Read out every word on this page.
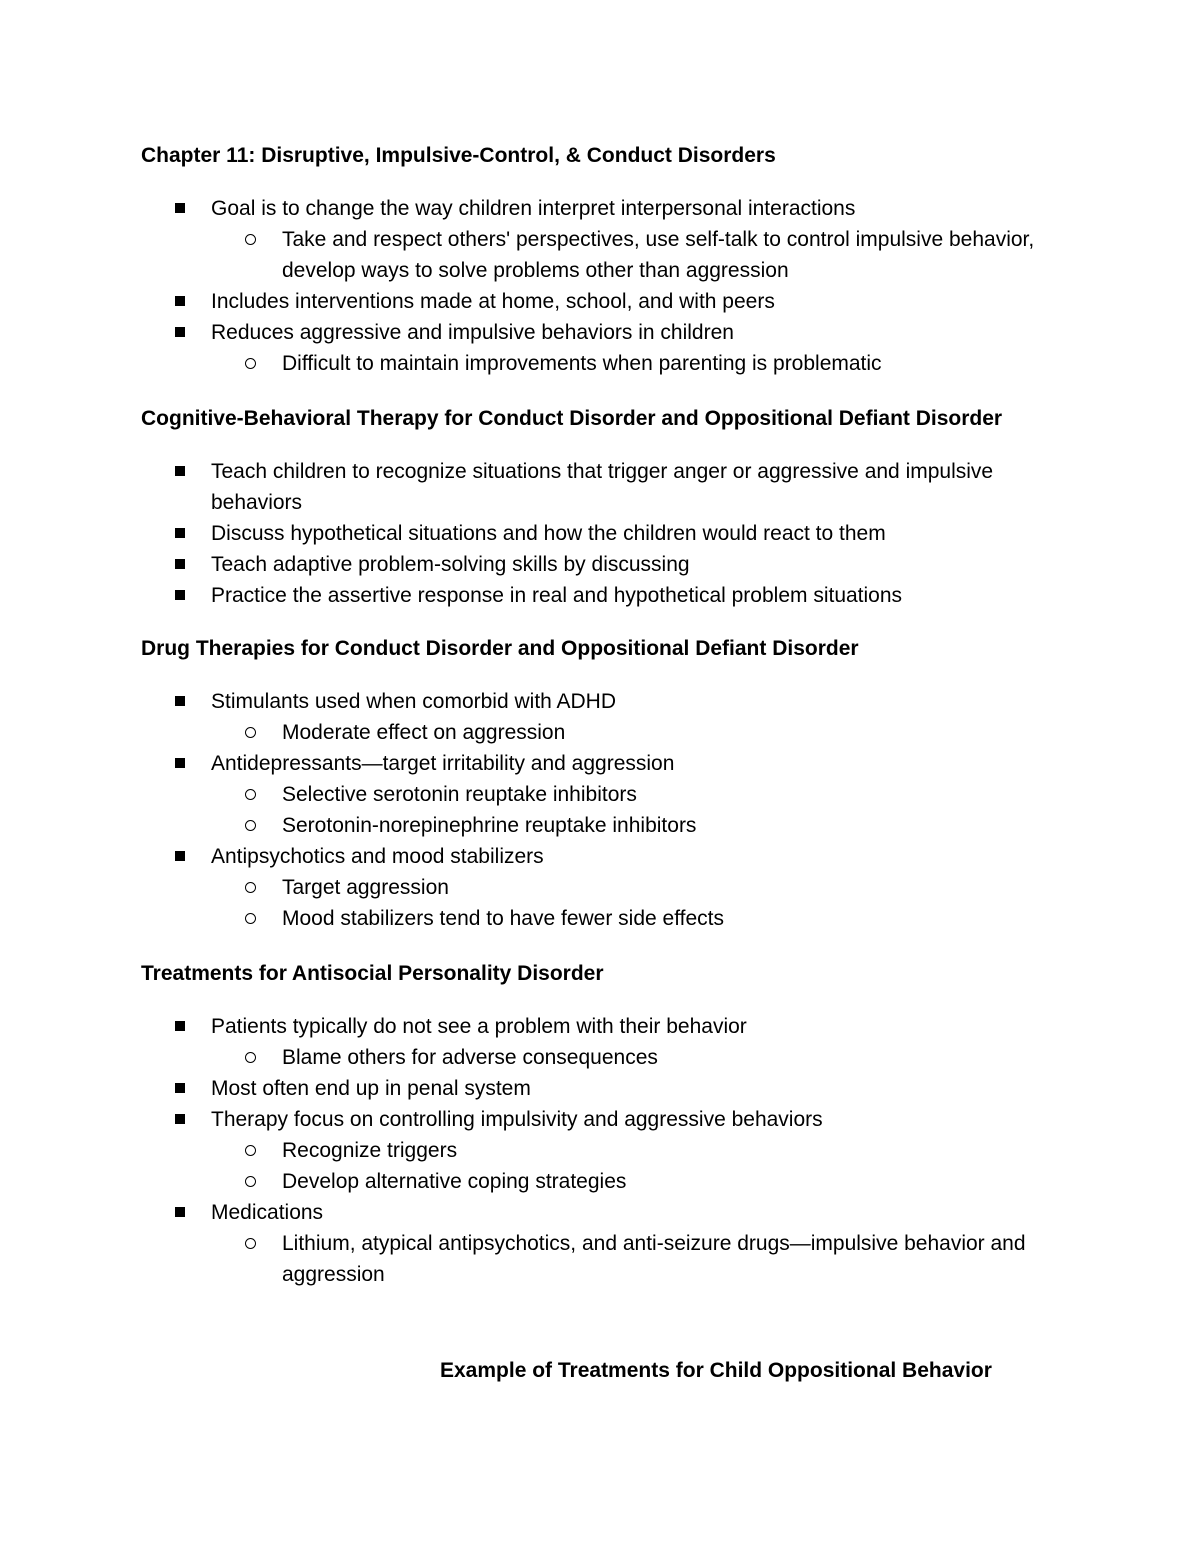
Chapter 11: Disruptive, Impulsive-Control, & Conduct Disorders

Goal is to change the way children interpret interpersonal interactions
Take and respect others' perspectives, use self-talk to control impulsive behavior, develop ways to solve problems other than aggression
Includes interventions made at home, school, and with peers
Reduces aggressive and impulsive behaviors in children
Difficult to maintain improvements when parenting is problematic

Cognitive-Behavioral Therapy for Conduct Disorder and Oppositional Defiant Disorder

Teach children to recognize situations that trigger anger or aggressive and impulsive behaviors
Discuss hypothetical situations and how the children would react to them
Teach adaptive problem-solving skills by discussing
Practice the assertive response in real and hypothetical problem situations

Drug Therapies for Conduct Disorder and Oppositional Defiant Disorder

Stimulants used when comorbid with ADHD
Moderate effect on aggression
Antidepressants—target irritability and aggression
Selective serotonin reuptake inhibitors
Serotonin-norepinephrine reuptake inhibitors
Antipsychotics and mood stabilizers
Target aggression
Mood stabilizers tend to have fewer side effects

Treatments for Antisocial Personality Disorder

Patients typically do not see a problem with their behavior
Blame others for adverse consequences
Most often end up in penal system
Therapy focus on controlling impulsivity and aggressive behaviors
Recognize triggers
Develop alternative coping strategies
Medications
Lithium, atypical antipsychotics, and anti-seizure drugs—impulsive behavior and aggression
Example of Treatments for Child Oppositional Behavior
